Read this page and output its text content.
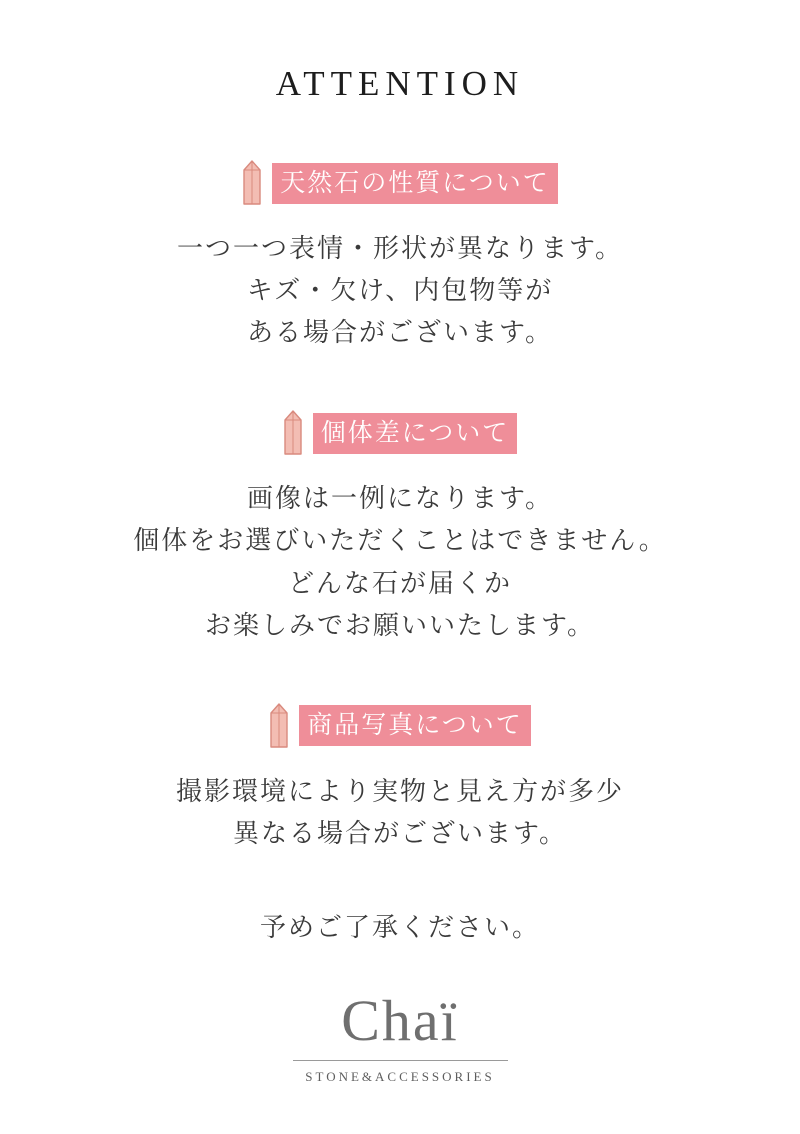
ATTENTION
天然石の性質について
一つ一つ表情・形状が異なります。
キズ・欠け、内包物等が
ある場合がございます。
個体差について
画像は一例になります。
個体をお選びいただくことはできません。
どんな石が届くか
お楽しみでお願いいたします。
商品写真について
撮影環境により実物と見え方が多少
異なる場合がございます。
予めご了承ください。
Chaï
STONE&ACCESSORIES
